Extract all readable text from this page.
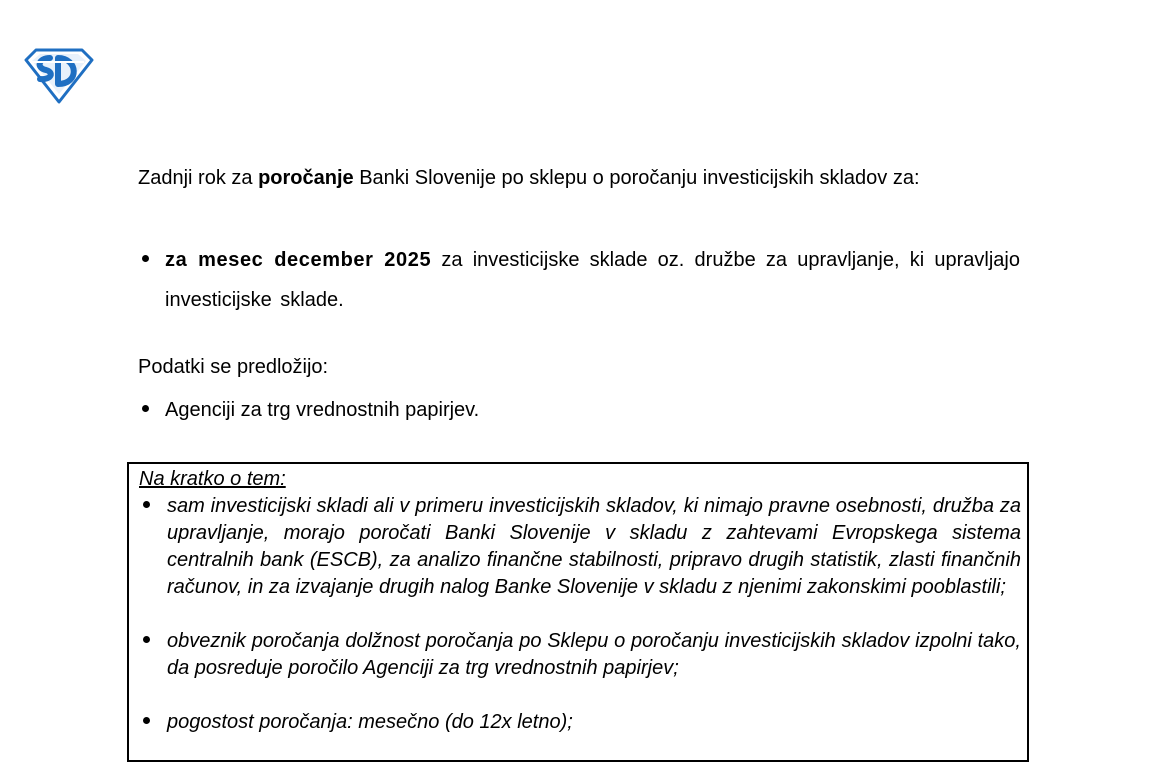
Zadnji rok za poročanje Banki Slovenije po sklepu o poročanju investicijskih skladov za:
za mesec december 2025 za investicijske sklade oz. družbe za upravljanje, ki upravljajo investicijske sklade.
Podatki se predložijo:
Agenciji za trg vrednostnih papirjev.
Na kratko o tem:
sam investicijski skladi ali v primeru investicijskih skladov, ki nimajo pravne osebnosti, družba za upravljanje, morajo poročati Banki Slovenije v skladu z zahtevami Evropskega sistema centralnih bank (ESCB), za analizo finančne stabilnosti, pripravo drugih statistik, zlasti finančnih računov, in za izvajanje drugih nalog Banke Slovenije v skladu z njenimi zakonskimi pooblastili;
obveznik poročanja dolžnost poročanja po Sklepu o poročanju investicijskih skladov izpolni tako, da posreduje poročilo Agenciji za trg vrednostnih papirjev;
pogostost poročanja: mesečno (do 12x letno);
